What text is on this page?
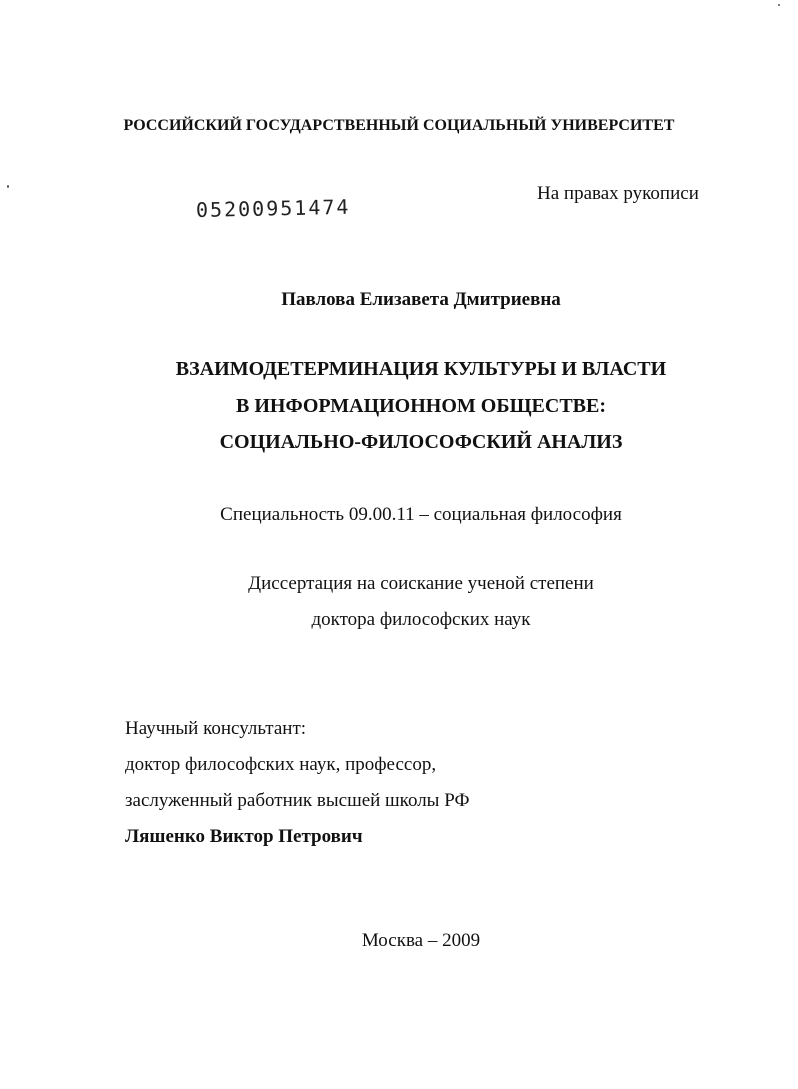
РОССИЙСКИЙ ГОСУДАРСТВЕННЫЙ СОЦИАЛЬНЫЙ УНИВЕРСИТЕТ
На правах рукописи
05200951474
Павлова Елизавета Дмитриевна
ВЗАИМОДЕТЕРМИНАЦИЯ КУЛЬТУРЫ И ВЛАСТИ
В ИНФОРМАЦИОННОМ ОБЩЕСТВЕ:
СОЦИАЛЬНО-ФИЛОСОФСКИЙ АНАЛИЗ
Специальность 09.00.11 – социальная философия
Диссертация на соискание ученой степени
доктора философских наук
Научный консультант:
доктор философских наук, профессор,
заслуженный работник высшей школы РФ
Ляшенко Виктор Петрович
Москва – 2009
